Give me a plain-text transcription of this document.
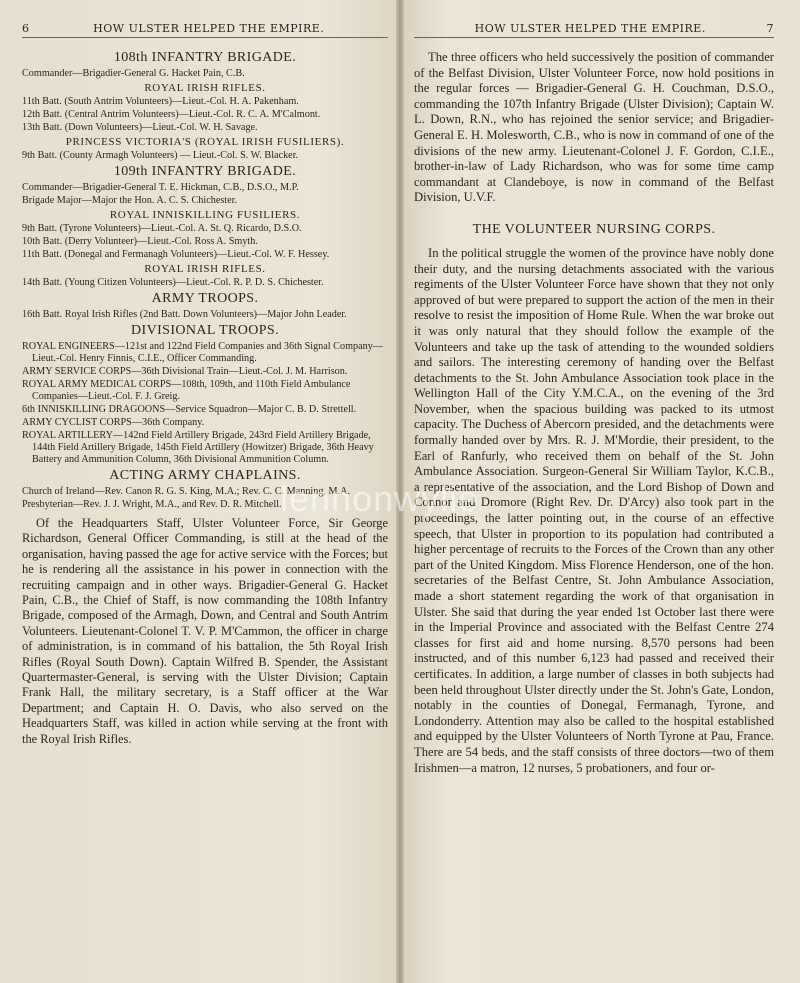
6	HOW ULSTER HELPED THE EMPIRE.
108th INFANTRY BRIGADE.
Commander—Brigadier-General G. Hacket Pain, C.B.
ROYAL IRISH RIFLES.
11th Batt. (South Antrim Volunteers)—Lieut.-Col. H. A. Pakenham.
12th Batt. (Central Antrim Volunteers)—Lieut.-Col. R. C. A. M'Calmont.
13th Batt. (Down Volunteers)—Lieut.-Col. W. H. Savage.
PRINCESS VICTORIA'S (ROYAL IRISH FUSILIERS).
9th Batt. (County Armagh Volunteers) — Lieut.-Col. S. W. Blacker.
109th INFANTRY BRIGADE.
Commander—Brigadier-General T. E. Hickman, C.B., D.S.O., M.P.
Brigade Major—Major the Hon. A. C. S. Chichester.
ROYAL INNISKILLING FUSILIERS.
9th Batt. (Tyrone Volunteers)—Lieut.-Col. A. St. Q. Ricardo, D.S.O.
10th Batt. (Derry Volunteer)—Lieut.-Col. Ross A. Smyth.
11th Batt. (Donegal and Fermanagh Volunteers)—Lieut.-Col. W. F. Hessey.
ROYAL IRISH RIFLES.
14th Batt. (Young Citizen Volunteers)—Lieut.-Col. R. P. D. S. Chichester.
ARMY TROOPS.
16th Batt. Royal Irish Rifles (2nd Batt. Down Volunteers)—Major John Leader.
DIVISIONAL TROOPS.
ROYAL ENGINEERS—121st and 122nd Field Companies and 36th Signal Company—Lieut.-Col. Henry Finnis, C.I.E., Officer Commanding.
ARMY SERVICE CORPS—36th Divisional Train—Lieut.-Col. J. M. Harrison.
ROYAL ARMY MEDICAL CORPS—108th, 109th, and 110th Field Ambulance Companies—Lieut.-Col. F. J. Greig.
6th INNISKILLING DRAGOONS—Service Squadron—Major C. B. D. Strettell.
ARMY CYCLIST CORPS—36th Company.
ROYAL ARTILLERY—142nd Field Artillery Brigade, 243rd Field Artillery Brigade, 144th Field Artillery Brigade, 145th Field Artillery (Howitzer) Brigade, 36th Heavy Battery and Ammunition Column, 36th Divisional Ammunition Column.
ACTING ARMY CHAPLAINS.
Church of Ireland—Rev. Canon R. G. S. King, M.A.; Rev. C. C. Manning, M.A.
Presbyterian—Rev. J. J. Wright, M.A., and Rev. D. R. Mitchell.

Of the Headquarters Staff, Ulster Volunteer Force, Sir George Richardson, General Officer Commanding, is still at the head of the organisation, having passed the age for active service with the Forces; but he is rendering all the assistance in his power in connection with the recruiting campaign and in other ways. Brigadier-General G. Hacket Pain, C.B., the Chief of Staff, is now commanding the 108th Infantry Brigade, composed of the Armagh, Down, and Central and South Antrim Volunteers. Lieutenant-Colonel T. V. P. M'Cammon, the officer in charge of administration, is in command of his battalion, the 5th Royal Irish Rifles (Royal South Down). Captain Wilfred B. Spender, the Assistant Quartermaster-General, is serving with the Ulster Division; Captain Frank Hall, the military secretary, is a Staff officer at the War Department; and Captain H. O. Davis, who also served on the Headquarters Staff, was killed in action while serving at the front with the Royal Irish Rifles.

HOW ULSTER HELPED THE EMPIRE.	7

The three officers who held successively the position of commander of the Belfast Division, Ulster Volunteer Force, now hold positions in the regular forces — Brigadier-General G. H. Couchman, D.S.O., commanding the 107th Infantry Brigade (Ulster Division); Captain W. L. Down, R.N., who has rejoined the senior service; and Brigadier-General E. H. Molesworth, C.B., who is now in command of one of the divisions of the new army. Lieutenant-Colonel J. F. Gordon, C.I.E., brother-in-law of Lady Richardson, who was for some time camp commandant at Clandeboye, is now in command of the Belfast Division, U.V.F.

THE VOLUNTEER NURSING CORPS.

In the political struggle the women of the province have nobly done their duty, and the nursing detachments associated with the various regiments of the Ulster Volunteer Force have shown that they not only approved of but were prepared to support the action of the men in their resolve to resist the imposition of Home Rule. When the war broke out it was only natural that they should follow the example of the Volunteers and take up the task of attending to the wounded soldiers and sailors. The interesting ceremony of handing over the Belfast detachments to the St. John Ambulance Association took place in the Wellington Hall of the City Y.M.C.A., on the evening of the 3rd November, when the spacious building was packed to its utmost capacity. The Duchess of Abercorn presided, and the detachments were formally handed over by Mrs. R. J. M'Mordie, their president, to the Earl of Ranfurly, who received them on behalf of the St. John Ambulance Association. Surgeon-General Sir William Taylor, K.C.B., a representative of the association, and the Lord Bishop of Down and Connor and Dromore (Right Rev. Dr. D'Arcy) also took part in the proceedings, the latter pointing out, in the course of an effective speech, that Ulster in proportion to its population had contributed a higher percentage of recruits to the Forces of the Crown than any other part of the United Kingdom. Miss Florence Henderson, one of the hon. secretaries of the Belfast Centre, St. John Ambulance Association, made a short statement regarding the work of that organisation in Ulster. She said that during the year ended 1st October last there were in the Imperial Province and associated with the Belfast Centre 274 classes for first aid and home nursing. 8,570 persons had been instructed, and of this number 6,123 had passed and received their certificates. In addition, a large number of classes in both subjects had been held throughout Ulster directly under the St. John's Gate, London, notably in the counties of Donegal, Fermanagh, Tyrone, and Londonderry. Attention may also be called to the hospital established and equipped by the Ulster Volunteers of North Tyrone at Pau, France. There are 54 beds, and the staff consists of three doctors—two of them Irishmen—a matron, 12 nurses, 5 probationers, and four or-

lennonwylie
